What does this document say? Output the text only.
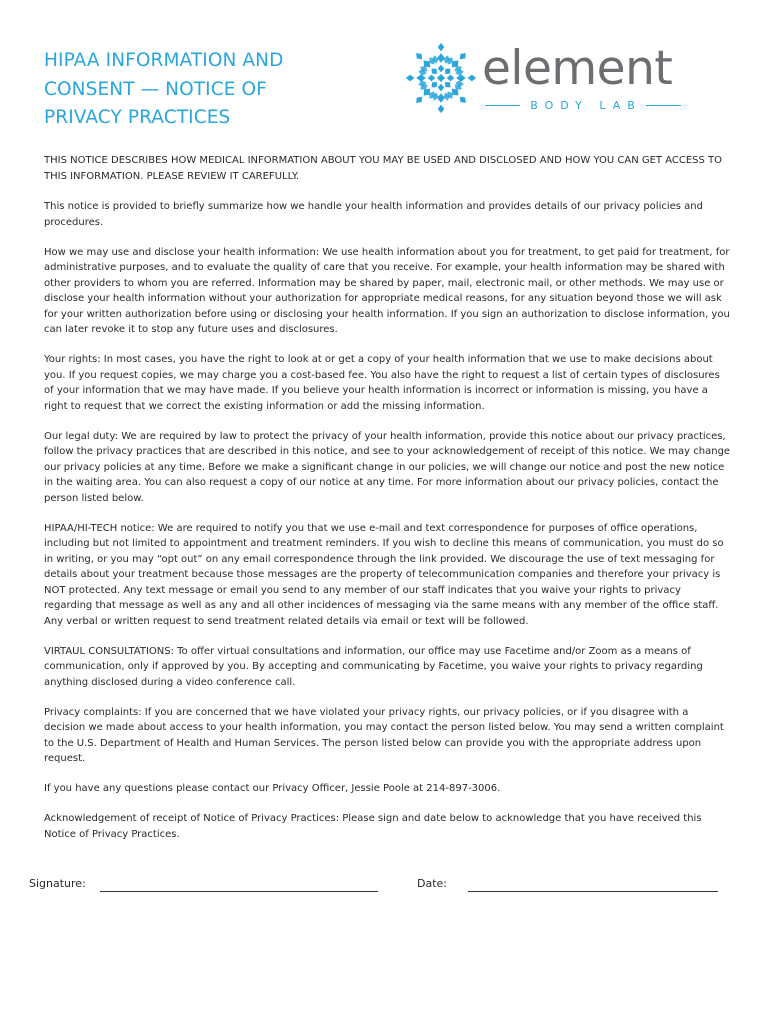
HIPAA INFORMATION AND
CONSENT — NOTICE OF
PRIVACY PRACTICES
element
BODY LAB

THIS NOTICE DESCRIBES HOW MEDICAL INFORMATION ABOUT YOU MAY BE USED AND DISCLOSED AND HOW YOU CAN GET ACCESS TO THIS INFORMATION. PLEASE REVIEW IT CAREFULLY.

This notice is provided to briefly summarize how we handle your health information and provides details of our privacy policies and procedures.

How we may use and disclose your health information: We use health information about you for treatment, to get paid for treatment, for administrative purposes, and to evaluate the quality of care that you receive. For example, your health information may be shared with other providers to whom you are referred. Information may be shared by paper, mail, electronic mail, or other methods. We may use or disclose your health information without your authorization for appropriate medical reasons, for any situation beyond those we will ask for your written authorization before using or disclosing your health information. If you sign an authorization to disclose information, you can later revoke it to stop any future uses and disclosures.

Your rights: In most cases, you have the right to look at or get a copy of your health information that we use to make decisions about you. If you request copies, we may charge you a cost-based fee. You also have the right to request a list of certain types of disclosures of your information that we may have made. If you believe your health information is incorrect or information is missing, you have a right to request that we correct the existing information or add the missing information.

Our legal duty: We are required by law to protect the privacy of your health information, provide this notice about our privacy practices, follow the privacy practices that are described in this notice, and see to your acknowledgement of receipt of this notice. We may change our privacy policies at any time. Before we make a significant change in our policies, we will change our notice and post the new notice in the waiting area. You can also request a copy of our notice at any time. For more information about our privacy policies, contact the person listed below.

HIPAA/HI-TECH notice: We are required to notify you that we use e-mail and text correspondence for purposes of office operations, including but not limited to appointment and treatment reminders. If you wish to decline this means of communication, you must do so in writing, or you may “opt out” on any email correspondence through the link provided. We discourage the use of text messaging for details about your treatment because those messages are the property of telecommunication companies and therefore your privacy is NOT protected. Any text message or email you send to any member of our staff indicates that you waive your rights to privacy regarding that message as well as any and all other incidences of messaging via the same means with any member of the office staff. Any verbal or written request to send treatment related details via email or text will be followed.

VIRTAUL CONSULTATIONS: To offer virtual consultations and information, our office may use Facetime and/or Zoom as a means of communication, only if approved by you. By accepting and communicating by Facetime, you waive your rights to privacy regarding anything disclosed during a video conference call.

Privacy complaints: If you are concerned that we have violated your privacy rights, our privacy policies, or if you disagree with a decision we made about access to your health information, you may contact the person listed below. You may send a written complaint to the U.S. Department of Health and Human Services. The person listed below can provide you with the appropriate address upon request.

If you have any questions please contact our Privacy Officer, Jessie Poole at 214-897-3006.

Acknowledgement of receipt of Notice of Privacy Practices: Please sign and date below to acknowledge that you have received this Notice of Privacy Practices.

Signature:	Date:
